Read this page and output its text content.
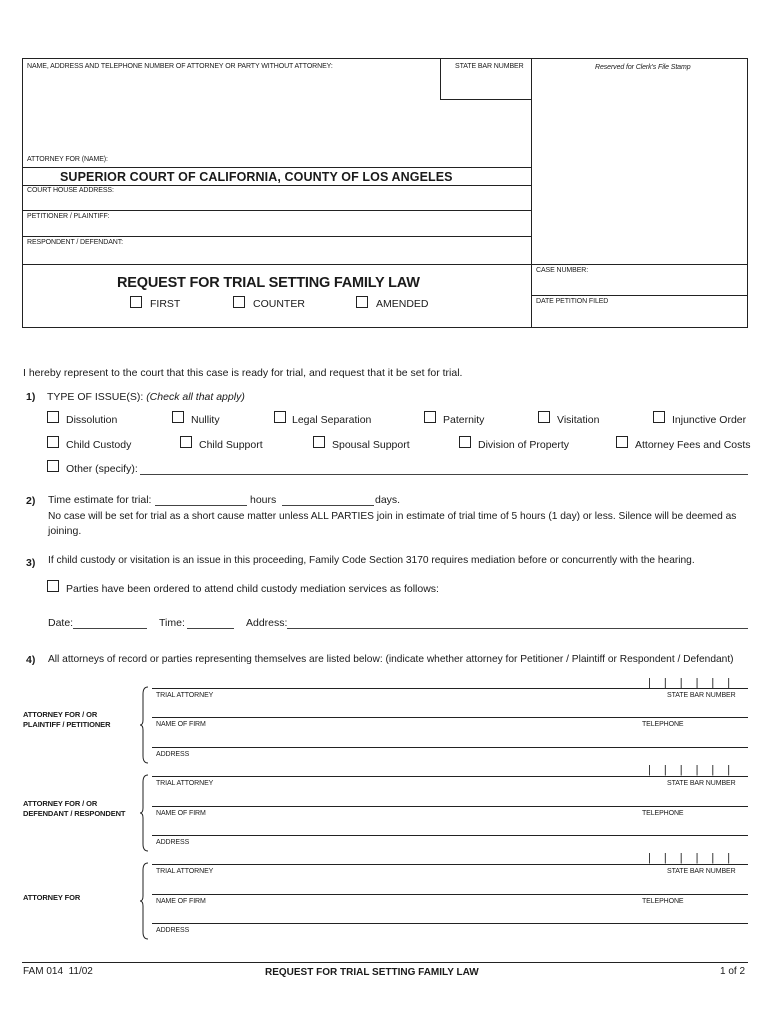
NAME, ADDRESS AND TELEPHONE NUMBER OF ATTORNEY OR PARTY WITHOUT ATTORNEY:	STATE BAR NUMBER	Reserved for Clerk's File Stamp
ATTORNEY FOR (NAME):
SUPERIOR COURT OF CALIFORNIA, COUNTY OF LOS ANGELES
COURT HOUSE ADDRESS:
PETITIONER / PLAINTIFF:
RESPONDENT / DEFENDANT:
REQUEST FOR TRIAL SETTING FAMILY LAW
FIRST	COUNTER	AMENDED
CASE NUMBER:
DATE PETITION FILED
I hereby represent to the court that this case is ready for trial, and request that it be set for trial.
1) TYPE OF ISSUE(S): (Check all that apply)
Dissolution	Nullity	Legal Separation	Paternity	Visitation	Injunctive Order
Child Custody	Child Support	Spousal Support	Division of Property	Attorney Fees and Costs
Other (specify):
2) Time estimate for trial:	hours	days.
No case will be set for trial as a short cause matter unless ALL PARTIES join in estimate of trial time of 5 hours (1 day) or less. Silence will be deemed as
joining.
3) If child custody or visitation is an issue in this proceeding, Family Code Section 3170 requires mediation before or concurrently with the hearing.
Parties have been ordered to attend child custody mediation services as follows:
Date:	Time:	Address:
4) All attorneys of record or parties representing themselves are listed below: (indicate whether attorney for Petitioner / Plaintiff or Respondent / Defendant)
ATTORNEY FOR / OR
PLAINTIFF / PETITIONER
||||||
TRIAL ATTORNEY	STATE BAR NUMBER
NAME OF FIRM	TELEPHONE
ADDRESS
ATTORNEY FOR / OR
DEFENDANT / RESPONDENT
||||||
TRIAL ATTORNEY	STATE BAR NUMBER
NAME OF FIRM	TELEPHONE
ADDRESS
ATTORNEY FOR
||||||
TRIAL ATTORNEY	STATE BAR NUMBER
NAME OF FIRM	TELEPHONE
ADDRESS
FAM 014  11/02	REQUEST FOR TRIAL SETTING FAMILY LAW	1 of 2
